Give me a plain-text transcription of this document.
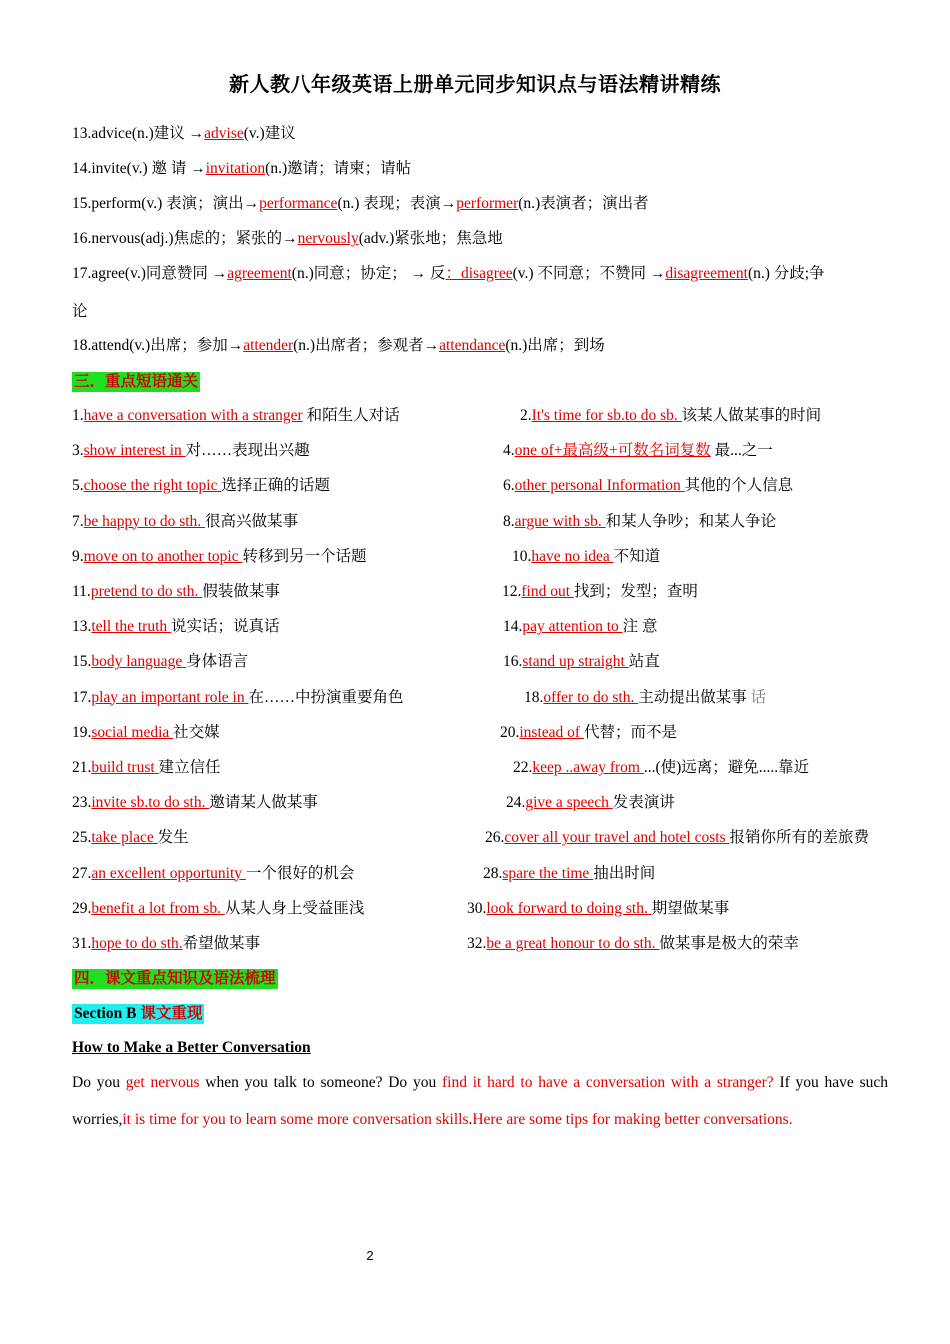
新人教八年级英语上册单元同步知识点与语法精讲精练
13.advice(n.)建议 →advise(v.)建议
14.invite(v.) 邀 请 →invitation(n.)邀请；请柬；请帖
15.perform(v.) 表演；演出→performance(n.) 表现；表演→performer(n.)表演者；演出者
16.nervous(adj.)焦虑的；紧张的→nervously(adv.)紧张地；焦急地
17.agree(v.)同意赞同 →agreement(n.)同意；协定； → 反：disagree(v.) 不同意；不赞同 →disagreement(n.) 分歧;争
论
18.attend(v.)出席；参加→attender(n.)出席者；参观者→attendance(n.)出席；到场
三．重点短语通关
1.have a conversation with a stranger 和陌生人对话	2.It's time for sb.to do sb. 该某人做某事的时间
3.show interest in 对……表现出兴趣	4.one of+最高级+可数名词复数 最...之一
5.choose the right topic 选择正确的话题	6.other personal Information 其他的个人信息
7.be happy to do sth. 很高兴做某事	8.argue with sb. 和某人争吵；和某人争论
9.move on to another topic 转移到另一个话题	10.have no idea 不知道
11.pretend to do sth. 假装做某事	12.find out 找到；发型；查明
13.tell the truth 说实话；说真话	14.pay attention to 注 意
15.body language 身体语言	16.stand up straight 站直
17.play an important role in 在……中扮演重要角色	18.offer to do sth. 主动提出做某事 话
19.social media 社交媒	20.instead of 代替；而不是
21.build trust 建立信任	22.keep ..away from ...(使)远离；避免.....靠近
23.invite sb.to do sth. 邀请某人做某事	24.give a speech 发表演讲
25.take place 发生	26.cover all your travel and hotel costs 报销你所有的差旅费
27.an excellent opportunity 一个很好的机会	28.spare the time 抽出时间
29.benefit a lot from sb. 从某人身上受益匪浅	30.look forward to doing sth. 期望做某事
31.hope to do sth.希望做某事	32.be a great honour to do sth. 做某事是极大的荣幸
四．课文重点知识及语法梳理
Section B 课文重现
How to Make a Better Conversation
Do you get nervous when you talk to someone? Do you find it hard to have a conversation with a stranger? If you have such worries,it is time for you to learn some more conversation skills.Here are some tips for making better conversations.
2
